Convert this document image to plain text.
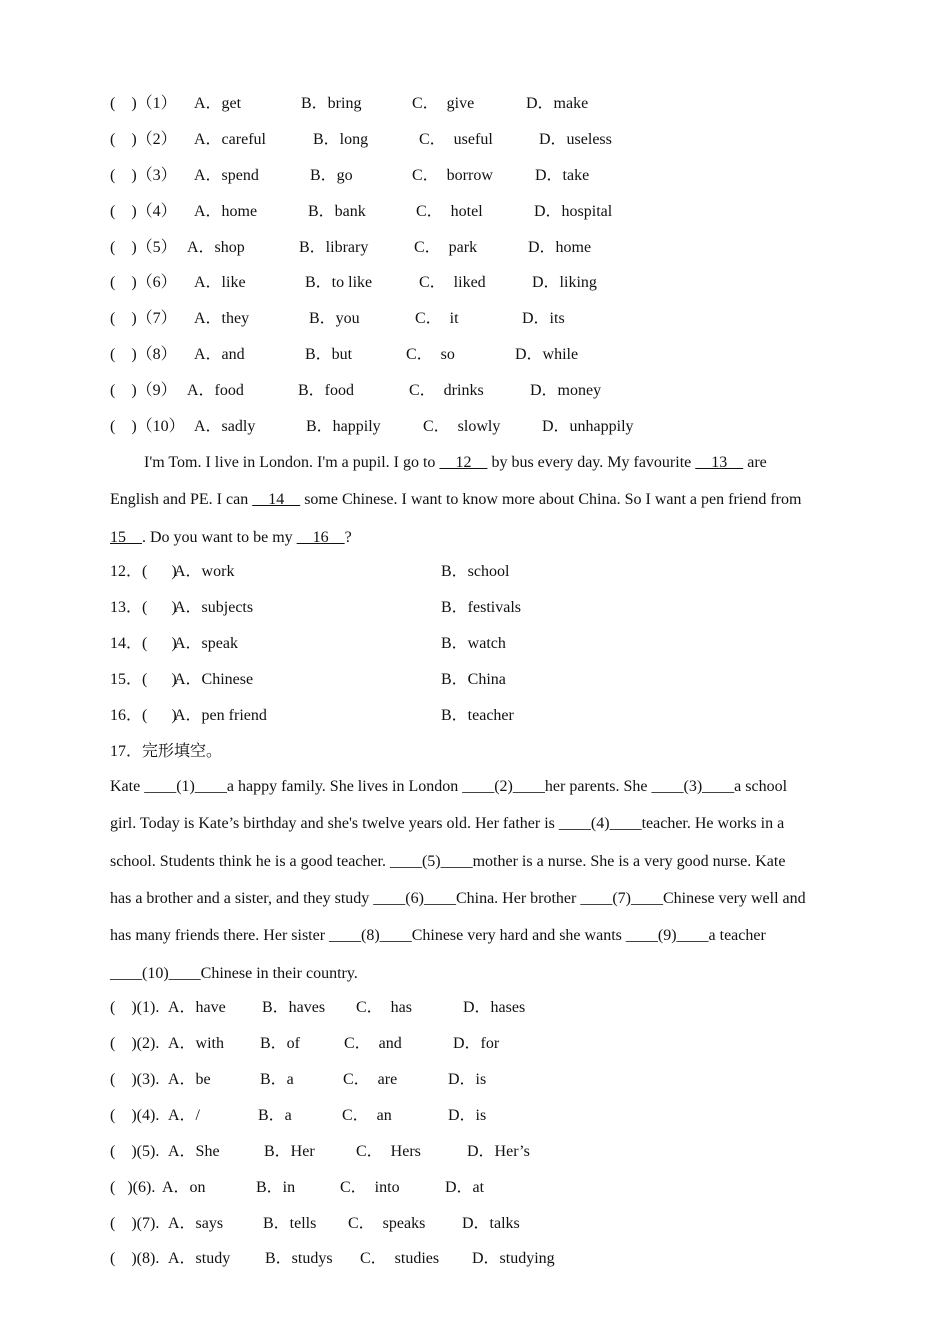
(    )（1） A．get	B．bring	C．  give	D．make
(    )（2） A．careful	B．long	C．  useful	D．useless
(    )（3） A．spend	B．go	C．  borrow	D．take
(    )（4） A．home	B．bank	C．  hotel	D．hospital
(    )（5） A．shop	B．library	C．  park	D．home
(    )（6） A．like	B．to like	C．  liked	D．liking
(    )（7） A．they	B．you	C．  it	D．its
(    )（8） A．and	B．but	C．  so	D．while
(    )（9） A．food	B．food	C．  drinks	D．money
(    )（10） A．sadly	B．happily	C．  slowly	D．unhappily
I'm Tom. I live in London. I'm a pupil. I go to     12     by bus every day. My favourite     13     are
English and PE. I can     14     some Chinese. I want to know more about China. So I want a pen friend from
15    . Do you want to be my     16    ?
12．(      )
A．work	B．school
13．(      )
A．subjects	B．festivals
14．(      )
A．speak	B．watch
15．(      )
A．Chinese	B．China
16．(      )
A．pen friend	B．teacher
17．完形填空。
Kate ____(1)____a happy family. She lives in London ____(2)____her parents. She ____(3)____a school
girl. Today is Kate’s birthday and she's twelve years old. Her father is ____(4)____teacher. He works in a
school. Students think he is a good teacher. ____(5)____mother is a nurse. She is a very good nurse. Kate
has a brother and a sister, and they study ____(6)____China. Her brother ____(7)____Chinese very well and
has many friends there. Her sister ____(8)____Chinese very hard and she wants ____(9)____a teacher
____(10)____Chinese in their country.
(    )(1). A．have B．haves C．  has	D．hases
(    )(2). A．with B．of	C．  and	D．for
(    )(3). A．be	B．a	C．  are	D．is
(    )(4). A．/	B．a	C．  an	D．is
(    )(5). A．She	B．Her	C．  Hers	D．Her’s
(   )(6). A．on	B．in	C．  into	D．at
(    )(7). A．says B．tells C．  speaks D．talks
(    )(8). A．study B．studys C．  studies D．studying
